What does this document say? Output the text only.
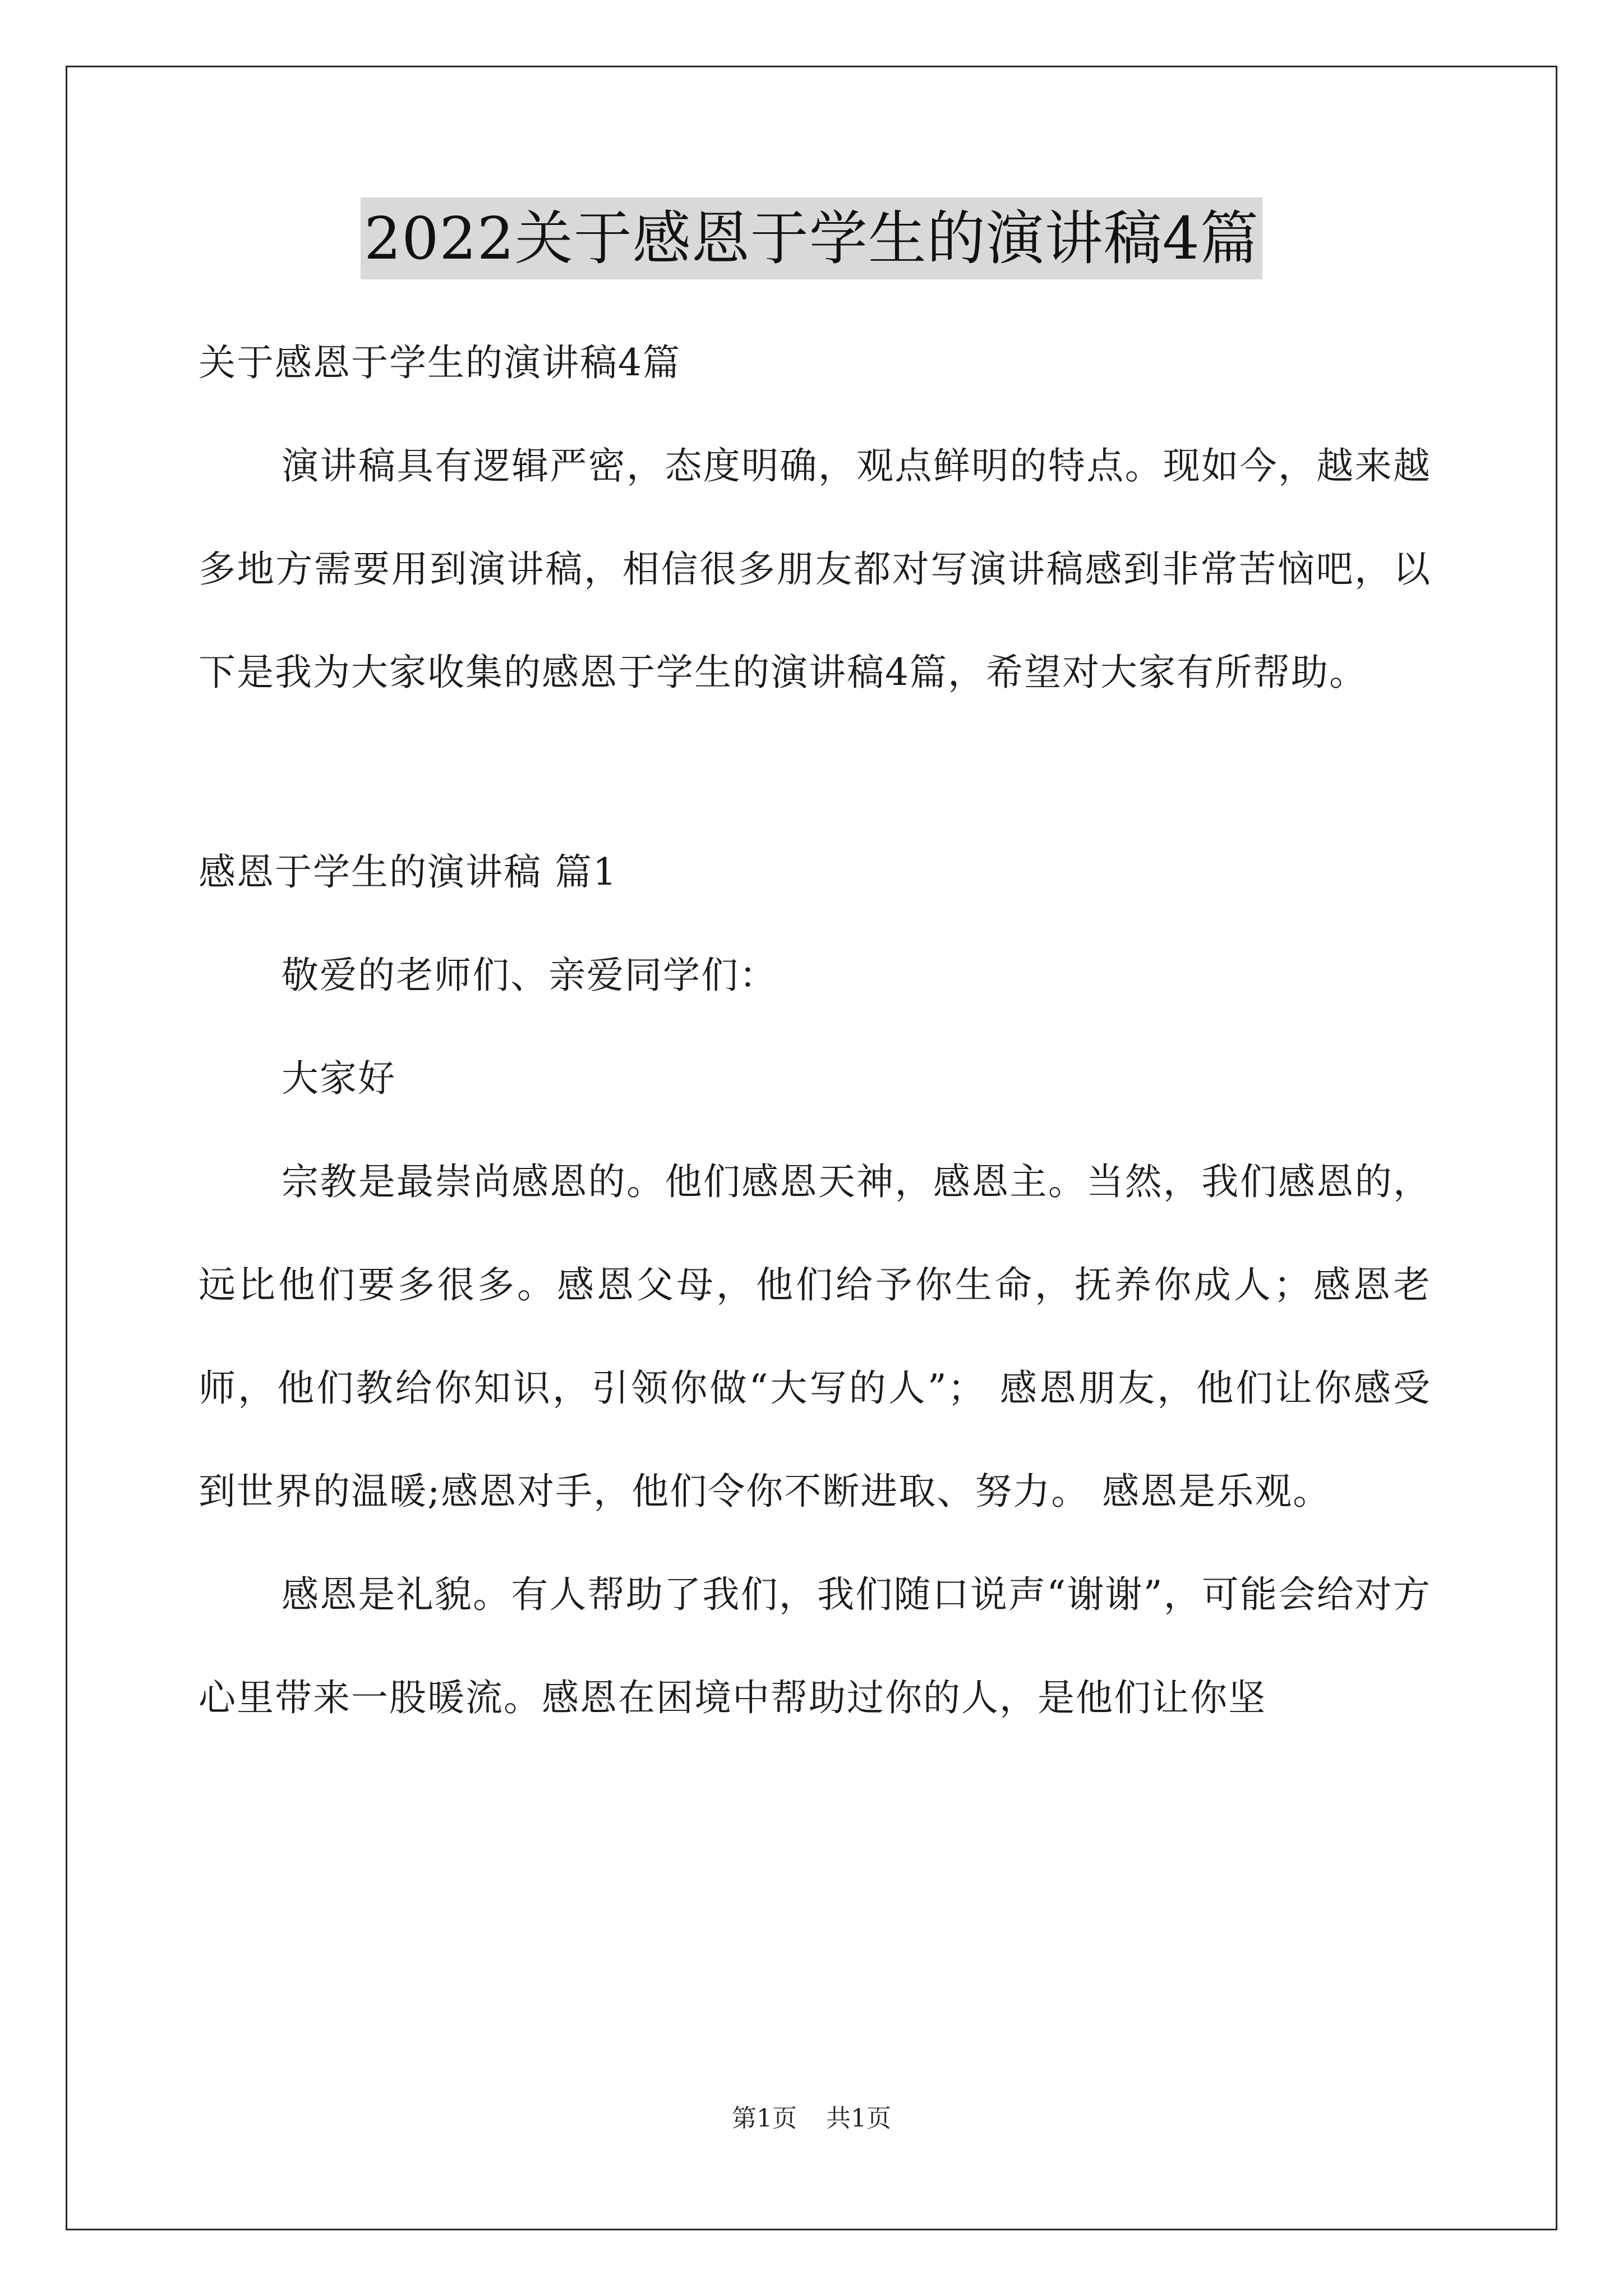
2022关于感恩于学生的演讲稿4篇

关于感恩于学生的演讲稿4篇

演讲稿具有逻辑严密，态度明确，观点鲜明的特点。现如今，越来越多地方需要用到演讲稿，相信很多朋友都对写演讲稿感到非常苦恼吧，以下是我为大家收集的感恩于学生的演讲稿4篇，希望对大家有所帮助。

感恩于学生的演讲稿 篇1

敬爱的老师们、亲爱同学们：

大家好

宗教是最崇尚感恩的。他们感恩天神，感恩主。当然，我们感恩的，远比他们要多很多。感恩父母，他们给予你生命，抚养你成人；感恩老师，他们教给你知识，引领你做“大写的人”； 感恩朋友，他们让你感受到世界的温暖;感恩对手，他们令你不断进取、努力。 感恩是乐观。

感恩是礼貌。有人帮助了我们，我们随口说声“谢谢”，可能会给对方心里带来一股暖流。感恩在困境中帮助过你的人，是他们让你坚

第1页 共1页
